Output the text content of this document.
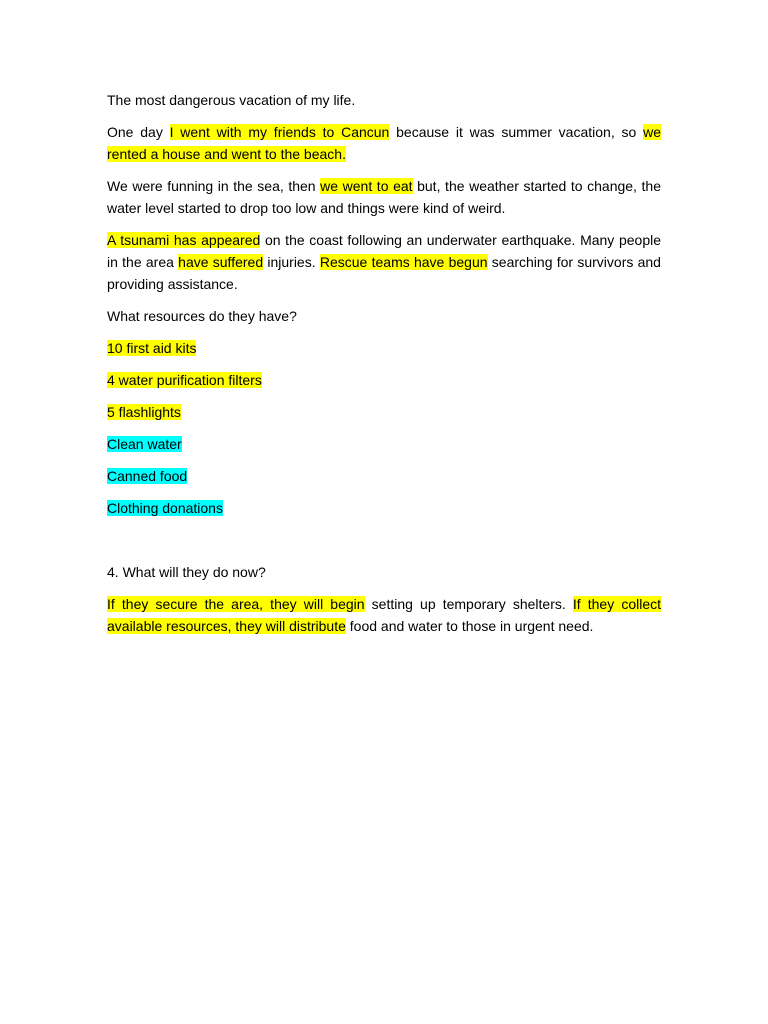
The most dangerous vacation of my life.

One day I went with my friends to Cancun because it was summer vacation, so we rented a house and went to the beach.

We were funning in the sea, then we went to eat but, the weather started to change, the water level started to drop too low and things were kind of weird.

A tsunami has appeared on the coast following an underwater earthquake. Many people in the area have suffered injuries. Rescue teams have begun searching for survivors and providing assistance.

What resources do they have?

10 first aid kits

4 water purification filters

5 flashlights

Clean water

Canned food

Clothing donations

4. What will they do now?

If they secure the area, they will begin setting up temporary shelters. If they collect available resources, they will distribute food and water to those in urgent need.
